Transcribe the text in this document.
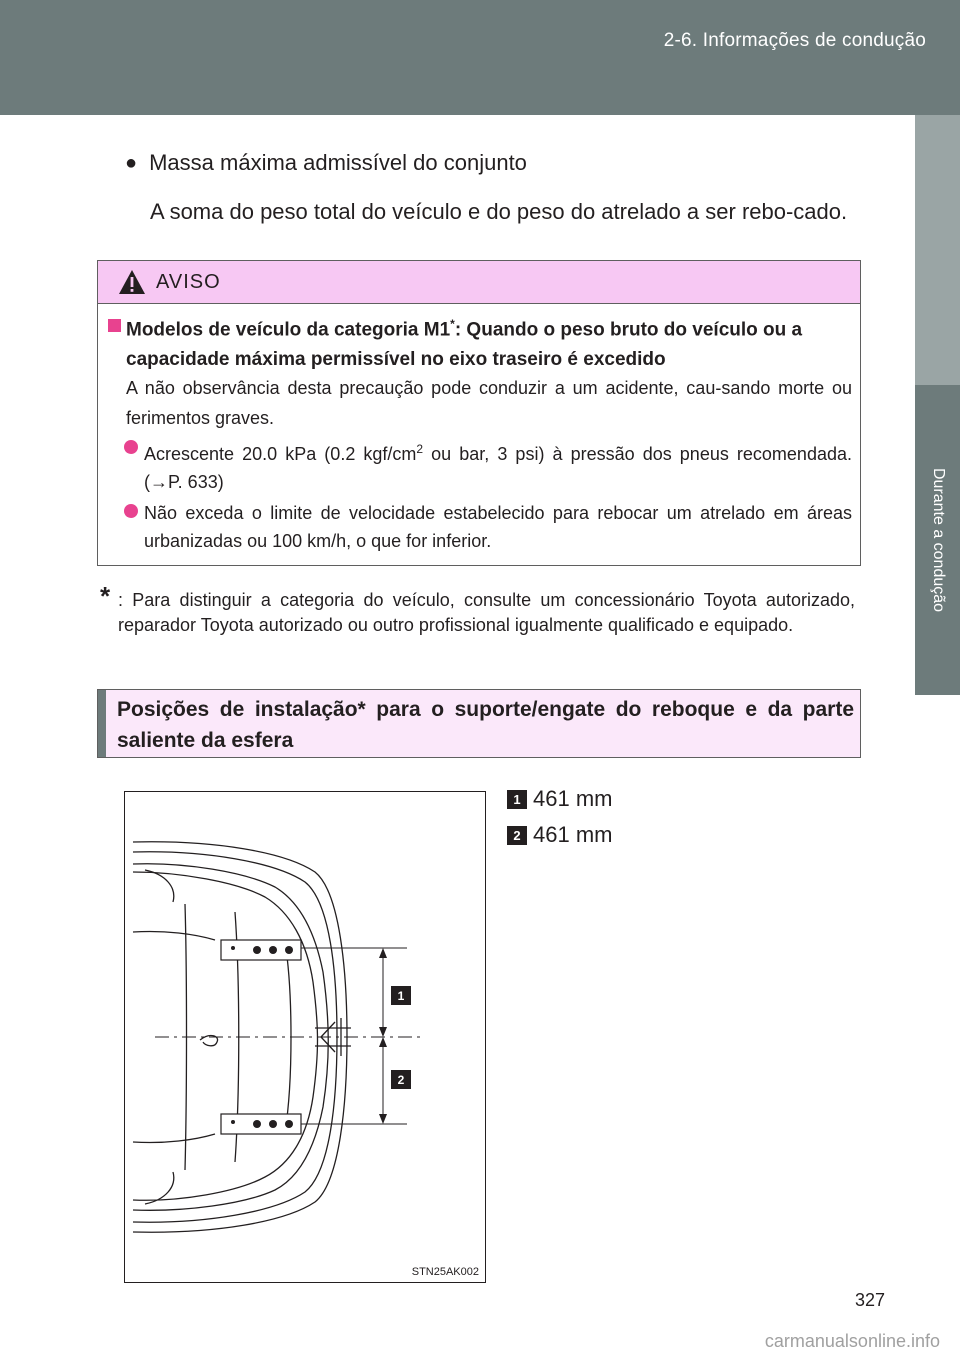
2-6. Informações de condução
Durante a condução
● Massa máxima admissível do conjunto
A soma do peso total do veículo e do peso do atrelado a ser rebo-cado.
AVISO
Modelos de veículo da categoria M1*: Quando o peso bruto do veículo ou a capacidade máxima permissível no eixo traseiro é excedido
A não observância desta precaução pode conduzir a um acidente, cau-sando morte ou ferimentos graves.
Acrescente 20.0 kPa (0.2 kgf/$cm^2$ ou bar, 3 psi) à pressão dos pneus recomendada. (→P. 633)
Não exceda o limite de velocidade estabelecido para rebocar um atrelado em áreas urbanizadas ou 100 km/h, o que for inferior.
* : Para distinguir a categoria do veículo, consulte um concessionário Toyota autorizado, reparador Toyota autorizado ou outro profissional igualmente qualificado e equipado.
Posições de instalação* para o suporte/engate do reboque e da parte saliente da esfera
1 461 mm
2 461 mm
1
2
STN25AK002
327
carmanualsonline.info
